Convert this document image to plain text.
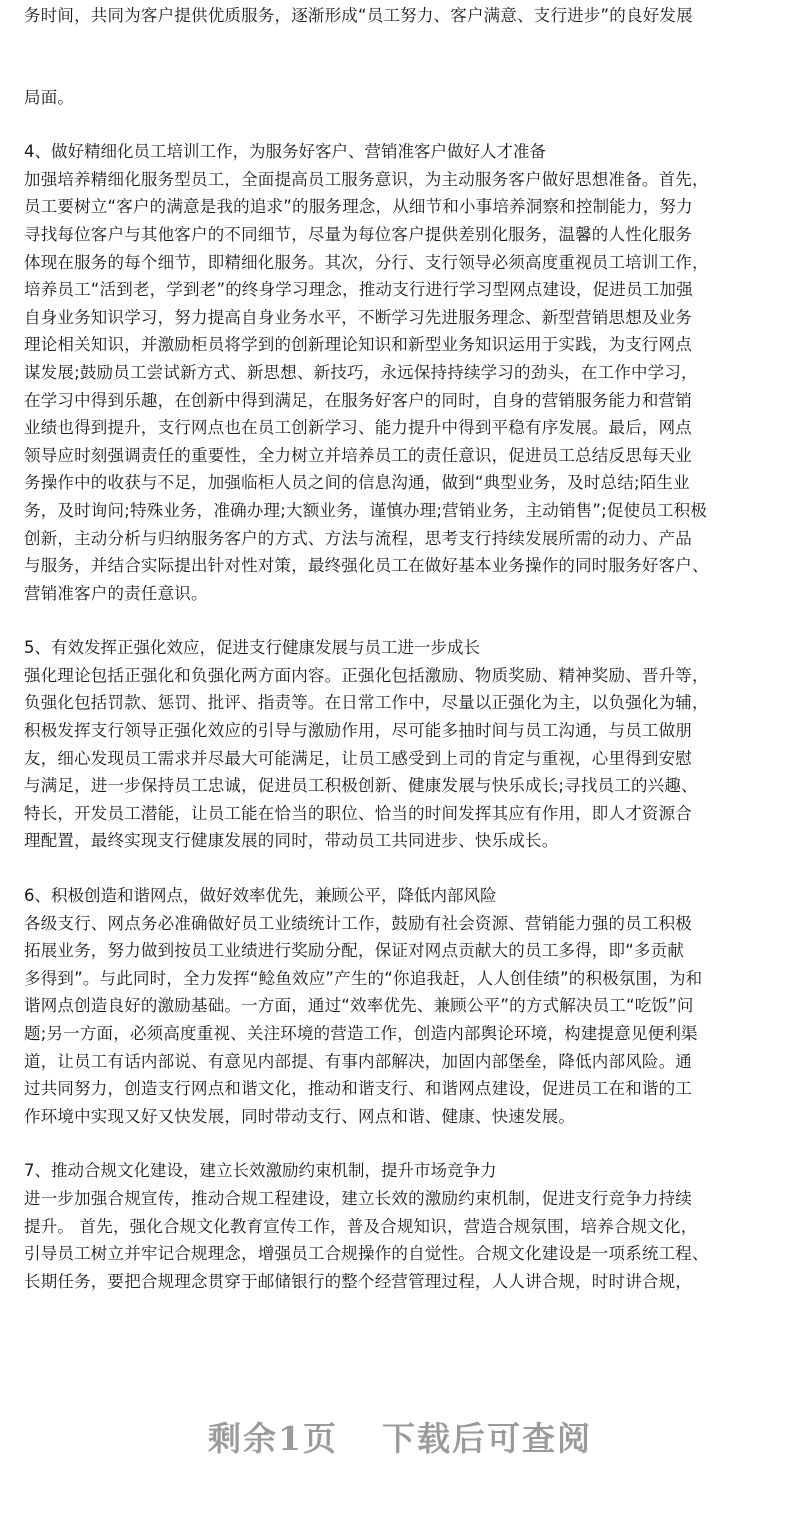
务时间，共同为客户提供优质服务，逐渐形成“员工努力、客户满意、支行进步”的良好发展
局面。
4、做好精细化员工培训工作，为服务好客户、营销准客户做好人才准备
加强培养精细化服务型员工，全面提高员工服务意识，为主动服务客户做好思想准备。首先，
员工要树立“客户的满意是我的追求”的服务理念，从细节和小事培养洞察和控制能力，努力
寻找每位客户与其他客户的不同细节，尽量为每位客户提供差别化服务，温馨的人性化服务
体现在服务的每个细节，即精细化服务。其次，分行、支行领导必须高度重视员工培训工作，
培养员工“活到老，学到老”的终身学习理念，推动支行进行学习型网点建设，促进员工加强
自身业务知识学习，努力提高自身业务水平，不断学习先进服务理念、新型营销思想及业务
理论相关知识，并激励柜员将学到的创新理论知识和新型业务知识运用于实践，为支行网点
谋发展;鼓励员工尝试新方式、新思想、新技巧，永远保持持续学习的劲头，在工作中学习，
在学习中得到乐趣，在创新中得到满足，在服务好客户的同时，自身的营销服务能力和营销
业绩也得到提升，支行网点也在员工创新学习、能力提升中得到平稳有序发展。最后，网点
领导应时刻强调责任的重要性，全力树立并培养员工的责任意识，促进员工总结反思每天业
务操作中的收获与不足，加强临柜人员之间的信息沟通，做到“典型业务，及时总结;陌生业
务，及时询问;特殊业务，准确办理;大额业务，谨慎办理;营销业务，主动销售”;促使员工积极
创新，主动分析与归纳服务客户的方式、方法与流程，思考支行持续发展所需的动力、产品
与服务，并结合实际提出针对性对策，最终强化员工在做好基本业务操作的同时服务好客户、
营销准客户的责任意识。
5、有效发挥正强化效应，促进支行健康发展与员工进一步成长
强化理论包括正强化和负强化两方面内容。正强化包括激励、物质奖励、精神奖励、晋升等，
负强化包括罚款、惩罚、批评、指责等。在日常工作中，尽量以正强化为主，以负强化为辅，
积极发挥支行领导正强化效应的引导与激励作用，尽可能多抽时间与员工沟通，与员工做朋
友，细心发现员工需求并尽最大可能满足，让员工感受到上司的肯定与重视，心里得到安慰
与满足，进一步保持员工忠诚，促进员工积极创新、健康发展与快乐成长;寻找员工的兴趣、
特长，开发员工潜能，让员工能在恰当的职位、恰当的时间发挥其应有作用，即人才资源合
理配置，最终实现支行健康发展的同时，带动员工共同进步、快乐成长。
6、积极创造和谐网点，做好效率优先，兼顾公平，降低内部风险
各级支行、网点务必准确做好员工业绩统计工作，鼓励有社会资源、营销能力强的员工积极
拓展业务，努力做到按员工业绩进行奖励分配，保证对网点贡献大的员工多得，即“多贡献
多得到”。与此同时，全力发挥“鲶鱼效应”产生的“你追我赶，人人创佳绩”的积极氛围，为和
谐网点创造良好的激励基础。一方面，通过“效率优先、兼顾公平”的方式解决员工“吃饭”问
题;另一方面，必须高度重视、关注环境的营造工作，创造内部舆论环境，构建提意见便利渠
道，让员工有话内部说、有意见内部提、有事内部解决，加固内部堡垒，降低内部风险。通
过共同努力，创造支行网点和谐文化，推动和谐支行、和谐网点建设，促进员工在和谐的工
作环境中实现又好又快发展，同时带动支行、网点和谐、健康、快速发展。
7、推动合规文化建设，建立长效激励约束机制，提升市场竞争力
进一步加强合规宣传，推动合规工程建设，建立长效的激励约束机制，促进支行竞争力持续
提升。 首先，强化合规文化教育宣传工作，普及合规知识，营造合规氛围，培养合规文化，
引导员工树立并牢记合规理念，增强员工合规操作的自觉性。合规文化建设是一项系统工程、
长期任务，要把合规理念贯穿于邮储银行的整个经营管理过程，人人讲合规，时时讲合规，
剩余1页 下载后可查阅
